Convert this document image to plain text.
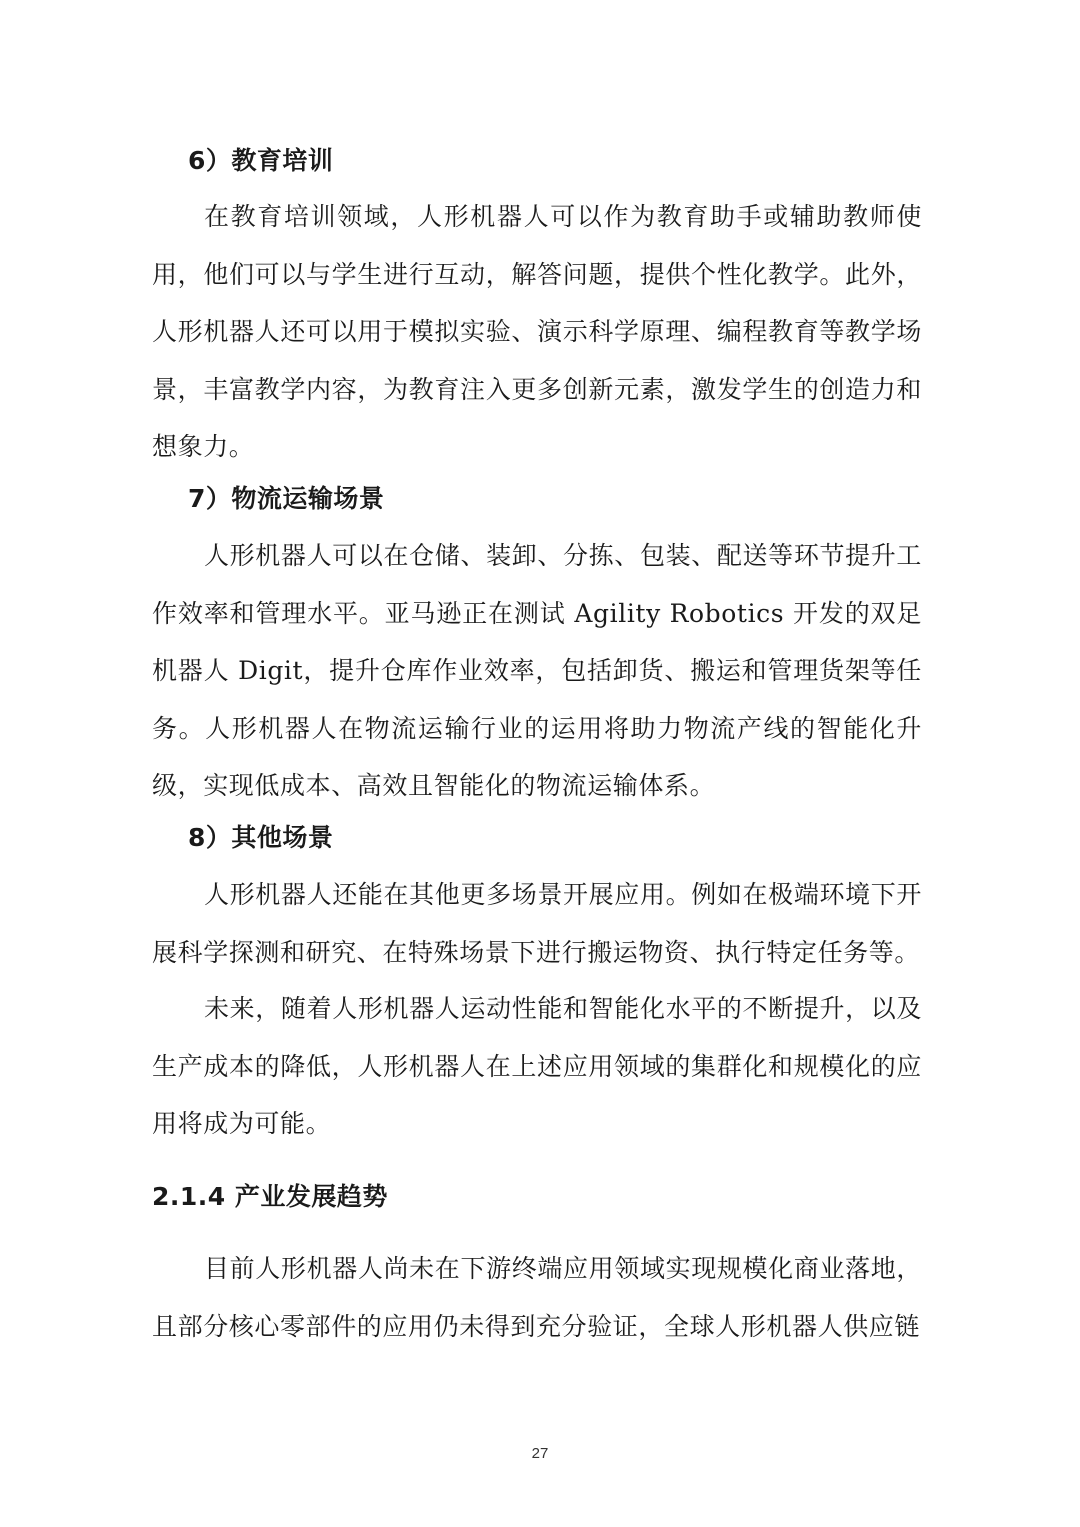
6）教育培训

在教育培训领域，人形机器人可以作为教育助手或辅助教师使用，他们可以与学生进行互动，解答问题，提供个性化教学。此外，人形机器人还可以用于模拟实验、演示科学原理、编程教育等教学场景，丰富教学内容，为教育注入更多创新元素，激发学生的创造力和想象力。

7）物流运输场景

人形机器人可以在仓储、装卸、分拣、包装、配送等环节提升工作效率和管理水平。亚马逊正在测试 Agility Robotics 开发的双足机器人 Digit，提升仓库作业效率，包括卸货、搬运和管理货架等任务。人形机器人在物流运输行业的运用将助力物流产线的智能化升级，实现低成本、高效且智能化的物流运输体系。

8）其他场景

人形机器人还能在其他更多场景开展应用。例如在极端环境下开展科学探测和研究、在特殊场景下进行搬运物资、执行特定任务等。

未来，随着人形机器人运动性能和智能化水平的不断提升，以及生产成本的降低，人形机器人在上述应用领域的集群化和规模化的应用将成为可能。

2.1.4 产业发展趋势

目前人形机器人尚未在下游终端应用领域实现规模化商业落地，且部分核心零部件的应用仍未得到充分验证，全球人形机器人供应链

27
